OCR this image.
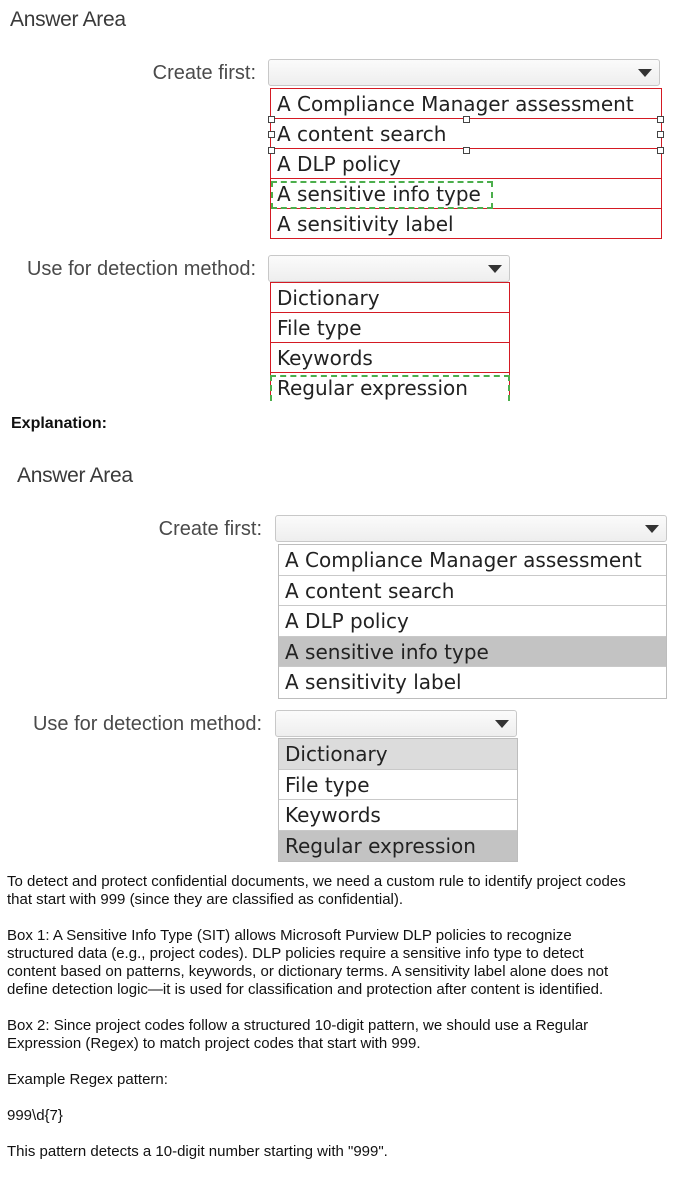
Answer Area
Create first:
A Compliance Manager assessment
A content search
A DLP policy
A sensitive info type
A sensitivity label
Use for detection method:
Dictionary
File type
Keywords
Regular expression
Explanation:
Answer Area
Create first:
A Compliance Manager assessment
A content search
A DLP policy
A sensitive info type
A sensitivity label
Use for detection method:
Dictionary
File type
Keywords
Regular expression
To detect and protect confidential documents, we need a custom rule to identify project codes that start with 999 (since they are classified as confidential).
Box 1: A Sensitive Info Type (SIT) allows Microsoft Purview DLP policies to recognize structured data (e.g., project codes). DLP policies require a sensitive info type to detect content based on patterns, keywords, or dictionary terms. A sensitivity label alone does not define detection logic—it is used for classification and protection after content is identified.
Box 2: Since project codes follow a structured 10-digit pattern, we should use a Regular Expression (Regex) to match project codes that start with 999.
Example Regex pattern:
999\d{7}
This pattern detects a 10-digit number starting with "999".
